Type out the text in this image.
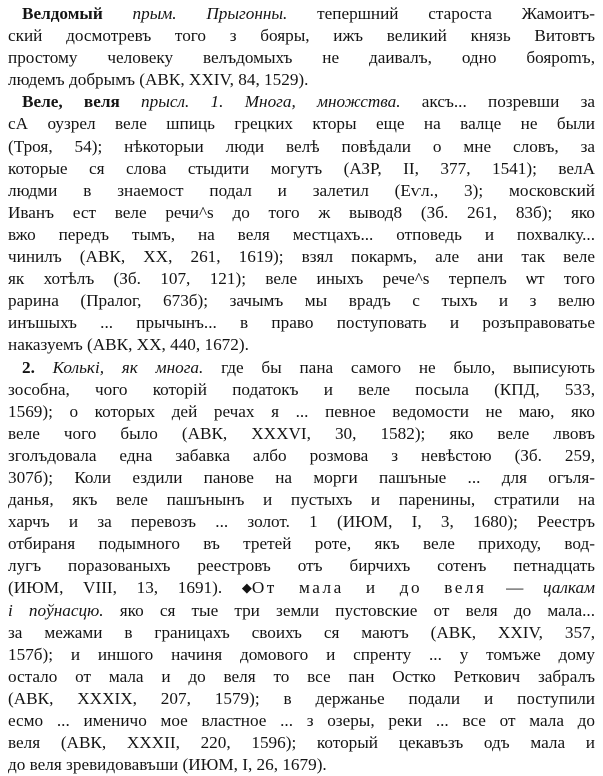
Велдомый прым. Прыгонны. тепершний староста Жамоитъ-
ский досмотревъ того з бояры, ижъ великий князь Витовтъ
простому человеку велъдомыхъ не даивалъ, одно боярomъ,
людемъ добрымъ (АВК, XXIV, 84, 1529).
Веле, веля прысл. 1. Многа, множства. аксъ... позревши за
сА оузрел веле шпиць грецких кторы еще на валце не были
(Троя, 54); нѣкоторыи люди велѣ повѣдали о мне словъ, за
которые ся слова стыдити могутъ (АЗР, II, 377, 1541); велА
людми в знаемост подал и залетил (Еѵл., 3); московский
Иванъ ест веле речи^s до того ж вывод8 (Зб. 261, 83б); яко
вжо передъ тымъ, на веля местцахъ... отповедь и похвалку...
чинилъ (АВК, XX, 261, 1619); взял покармъ, але ани так веле
як хотѣлъ (Зб. 107, 121); веле иныхъ рече^s терпелъ ѡт того
рарина (Пралог, 673б); зачымъ мы врадъ с тыхъ и з велю
инъшыхъ ... прычынъ... в право поступовать и розъправоватье
наказуемъ (АВК, XX, 440, 1672).
2. Колькі, як многа. где бы пана самого не было, выписують
зособна, чого которій податокъ и веле посыла (КПД, 533,
1569); о которых дей речах я ... певное ведомости не маю, яко
веле чого было (АВК, XXXVI, 30, 1582); яко веле лвовъ
зголъдовала една забавка албо розмова з невѣстою (Зб. 259,
307б); Коли ездили панове на морги пашъные ... для огъля-
данья, якъ веле пашънынъ и пустыхъ и паренины, стратили на
харчъ и за перевозъ ... золот. 1 (ИЮМ, I, 3, 1680); Реестръ
отбираня подымного въ третей роте, якъ веле приходу, вод-
лугъ поразованыхъ реестровъ отъ бирчихъ сотенъ петнадцать
(ИЮМ, VIII, 13, 1691). ◆От мала и до веля — цалкам
і поўнасцю. яко ся тые три земли пустовские от веля до мала...
за межами в границахъ своихъ ся маютъ (АВК, XXIV, 357,
157б); и иншого начиня домового и спренту ... у томъже дому
остало от мала и до веля то все пан Остко Реткович забралъ
(АВК, XXXIX, 207, 1579); в держанье подали и поступили
есмо ... именичо мое властное ... з озеры, реки ... все от мала до
веля (АВК, XXXII, 220, 1596); который цекавъзъ одъ мала и
до веля зревидовавъши (ИЮМ, I, 26, 1679).
